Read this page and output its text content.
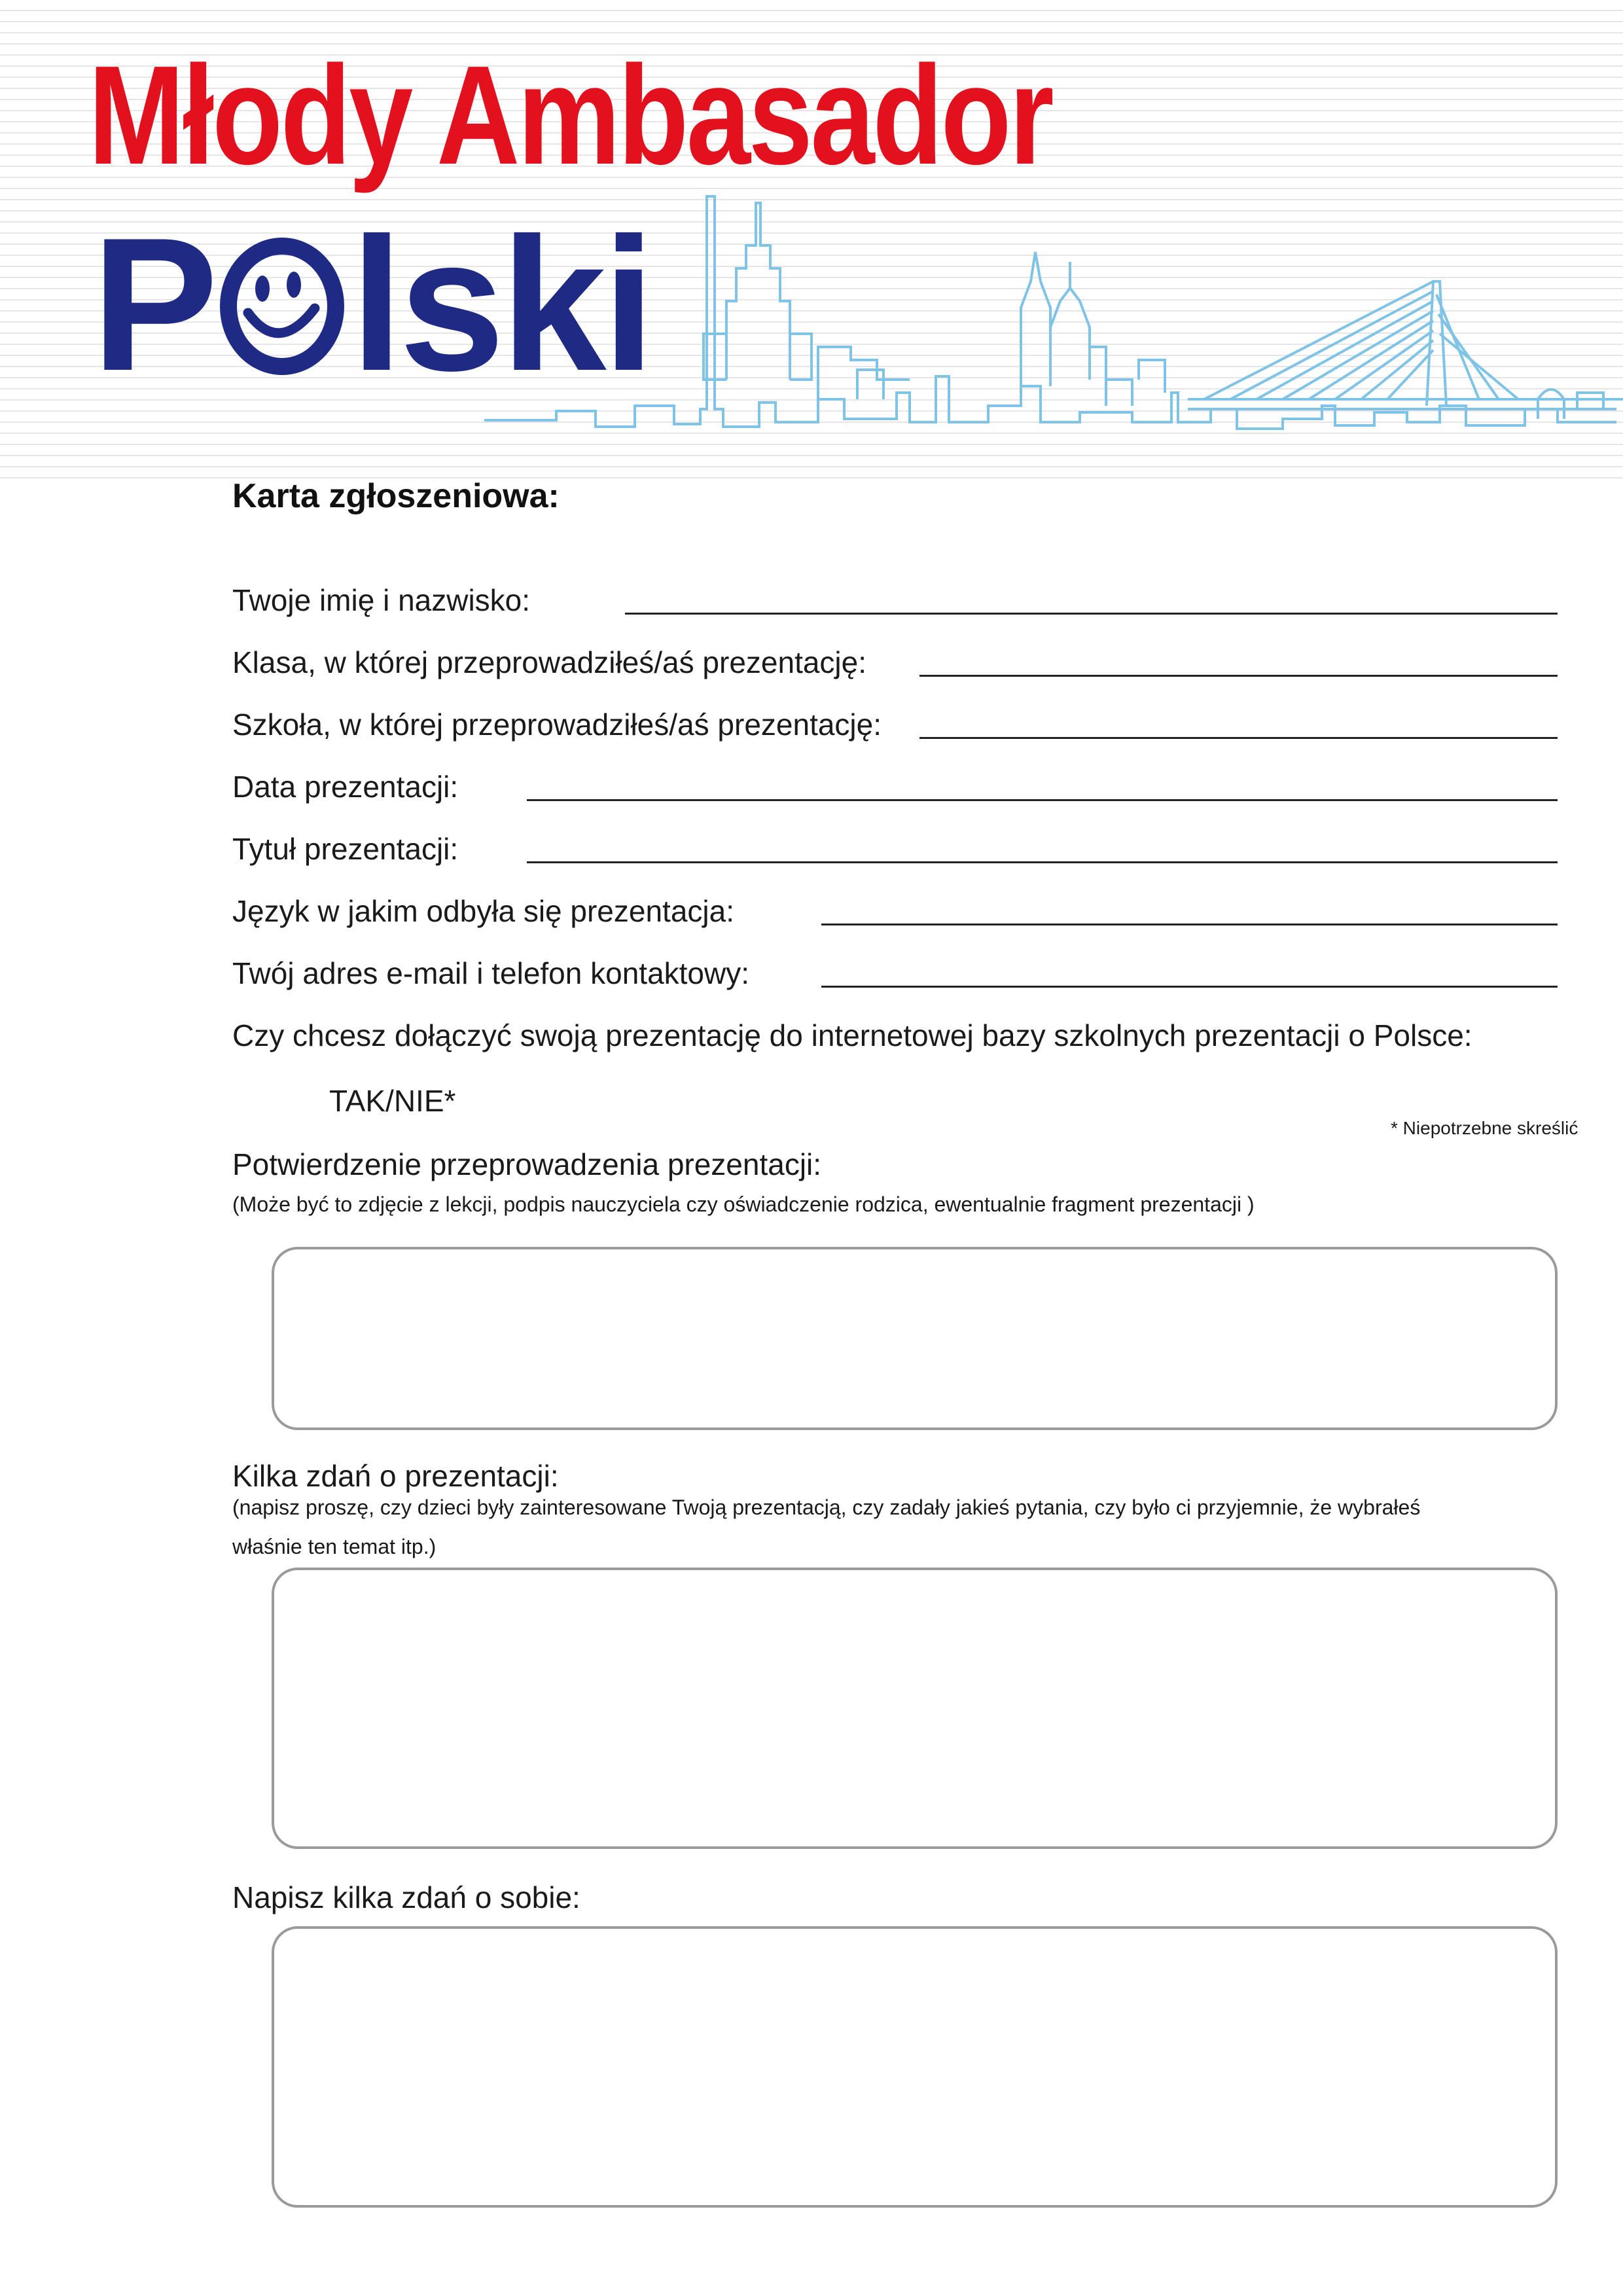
Młody Ambasador
P lski
Karta zgłoszeniowa:
Twoje imię i nazwisko:
Klasa, w której przeprowadziłeś/aś prezentację:
Szkoła, w której przeprowadziłeś/aś prezentację:
Data prezentacji:
Tytuł prezentacji:
Język w jakim odbyła się prezentacja:
Twój adres e-mail i telefon kontaktowy:
Czy chcesz dołączyć swoją prezentację do internetowej bazy szkolnych prezentacji o Polsce:
TAK/NIE*
* Niepotrzebne skreślić
Potwierdzenie przeprowadzenia prezentacji:
(Może być to zdjęcie z lekcji, podpis nauczyciela czy oświadczenie rodzica, ewentualnie fragment prezentacji )
Kilka zdań o prezentacji:
(napisz proszę, czy dzieci były zainteresowane Twoją prezentacją, czy zadały jakieś pytania, czy było ci przyjemnie, że wybrałeś
właśnie ten temat itp.)
Napisz kilka zdań o sobie:
